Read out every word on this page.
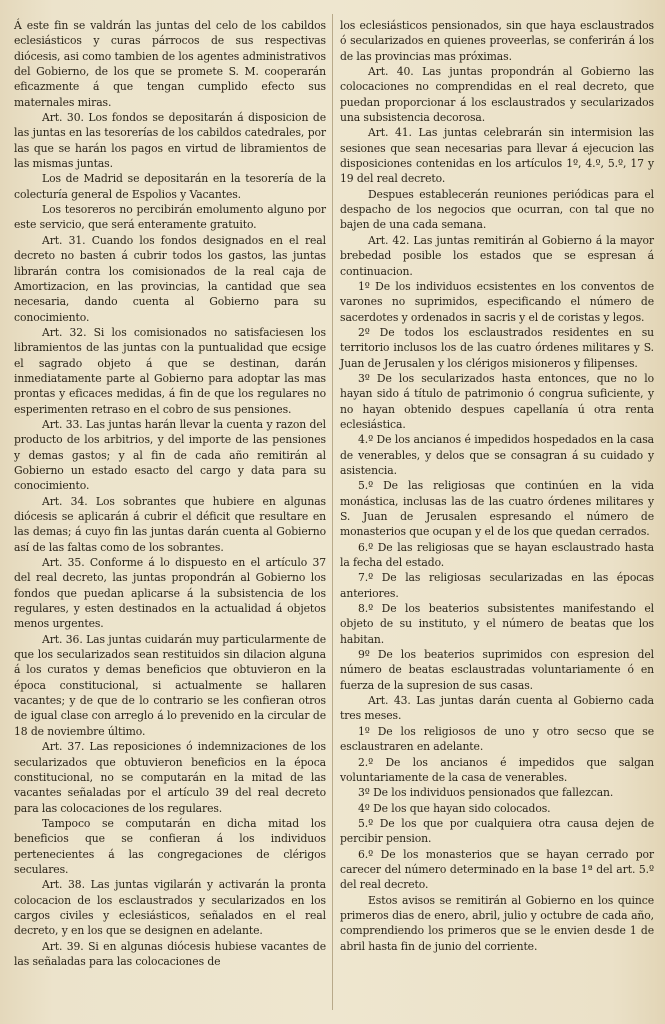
Á este fin se valdrán las juntas del celo de los cabildos eclesiásticos y curas párrocos de sus respectivas diócesis, asi como tambien de los agentes administrativos del Gobierno, de los que se promete S. M. cooperarán eficazmente á que tengan cumplido efecto sus maternales miras.

Art. 30. Los fondos se depositarán á disposicion de las juntas en las tesorerías de los cabildos catedrales, por las que se harán los pagos en virtud de libramientos de las mismas juntas.

Los de Madrid se depositarán en la tesorería de la colecturía general de Espolios y Vacantes.

Los tesoreros no percibirán emolumento alguno por este servicio, que será enteramente gratuito.

Art. 31. Cuando los fondos designados en el real decreto no basten á cubrir todos los gastos, las juntas librarán contra los comisionados de la real caja de Amortizacion, en las provincias, la cantidad que sea necesaria, dando cuenta al Gobierno para su conocimiento.

Art. 32. Si los comisionados no satisfaciesen los libramientos de las juntas con la puntualidad que ecsige el sagrado objeto á que se destinan, darán inmediatamente parte al Gobierno para adoptar las mas prontas y eficaces medidas, á fin de que los regulares no esperimenten retraso en el cobro de sus pensiones.

Art. 33. Las juntas harán llevar la cuenta y razon del producto de los arbitrios, y del importe de las pensiones y demas gastos; y al fin de cada año remitirán al Gobierno un estado esacto del cargo y data para su conocimiento.

Art. 34. Los sobrantes que hubiere en algunas diócesis se aplicarán á cubrir el déficit que resultare en las demas; á cuyo fin las juntas darán cuenta al Gobierno así de las faltas como de los sobrantes.

Art. 35. Conforme á lo dispuesto en el artículo 37 del real decreto, las juntas propondrán al Gobierno los fondos que puedan aplicarse á la subsistencia de los regulares, y esten destinados en la actualidad á objetos menos urgentes.

Art. 36. Las juntas cuidarán muy particularmente de que los secularizados sean restituidos sin dilacion alguna á los curatos y demas beneficios que obtuvieron en la época constitucional, si actualmente se hallaren vacantes; y de que de lo contrario se les confieran otros de igual clase con arreglo á lo prevenido en la circular de 18 de noviembre último.

Art. 37. Las reposiciones ó indemnizaciones de los secularizados que obtuvieron beneficios en la época constitucional, no se computarán en la mitad de las vacantes señaladas por el artículo 39 del real decreto para las colocaciones de los regulares.

Tampoco se computarán en dicha mitad los beneficios que se confieran á los individuos pertenecientes á las congregaciones de clérigos seculares.

Art. 38. Las juntas vigilarán y activarán la pronta colocacion de los esclaustrados y secularizados en los cargos civiles y eclesiásticos, señalados en el real decreto, y en los que se designen en adelante.

Art. 39. Si en algunas diócesis hubiese vacantes de las señaladas para las colocaciones de

los eclesiásticos pensionados, sin que haya esclaustrados ó secularizados en quienes proveerlas, se conferirán á los de las provincias mas próximas.

Art. 40. Las juntas propondrán al Gobierno las colocaciones no comprendidas en el real decreto, que puedan proporcionar á los esclaustrados y secularizados una subsistencia decorosa.

Art. 41. Las juntas celebrarán sin intermision las sesiones que sean necesarias para llevar á ejecucion las disposiciones contenidas en los artículos 1º, 4.º, 5.º, 17 y 19 del real decreto.

Despues establecerán reuniones periódicas para el despacho de los negocios que ocurran, con tal que no bajen de una cada semana.

Art. 42. Las juntas remitirán al Gobierno á la mayor brebedad posible los estados que se espresan á continuacion.

1º De los individuos ecsistentes en los conventos de varones no suprimidos, especificando el número de sacerdotes y ordenados in sacris y el de coristas y legos.

2º De todos los esclaustrados residentes en su territorio inclusos los de las cuatro órdenes militares y S. Juan de Jerusalen y los clérigos misioneros y filipenses.

3º De los secularizados hasta entonces, que no lo hayan sido á título de patrimonio ó congrua suficiente, y no hayan obtenido despues capellanía ú otra renta eclesiástica.

4.º De los ancianos é impedidos hospedados en la casa de venerables, y delos que se consagran á su cuidado y asistencia.

5.º De las religiosas que continúen en la vida monástica, inclusas las de las cuatro órdenes militares y S. Juan de Jerusalen espresando el número de monasterios que ocupan y el de los que quedan cerrados.

6.º De las religiosas que se hayan esclaustrado hasta la fecha del estado.

7.º De las religiosas secularizadas en las épocas anteriores.

8.º De los beaterios subsistentes manifestando el objeto de su instituto, y el número de beatas que los habitan.

9º De los beaterios suprimidos con espresion del número de beatas esclaustradas voluntariamente ó en fuerza de la supresion de sus casas.

Art. 43. Las juntas darán cuenta al Gobierno cada tres meses.

1º De los religiosos de uno y otro secso que se esclaustraren en adelante.

2.º De los ancianos é impedidos que salgan voluntariamente de la casa de venerables.

3º De los individuos pensionados que fallezcan.

4º De los que hayan sido colocados.

5.º De los que por cualquiera otra causa dejen de percibir pension.

6.º De los monasterios que se hayan cerrado por carecer del número determinado en la base 1ª del art. 5.º del real decreto.

Estos avisos se remitirán al Gobierno en los quince primeros dias de enero, abril, julio y octubre de cada año, comprendiendo los primeros que se le envien desde 1 de abril hasta fin de junio del corriente.
